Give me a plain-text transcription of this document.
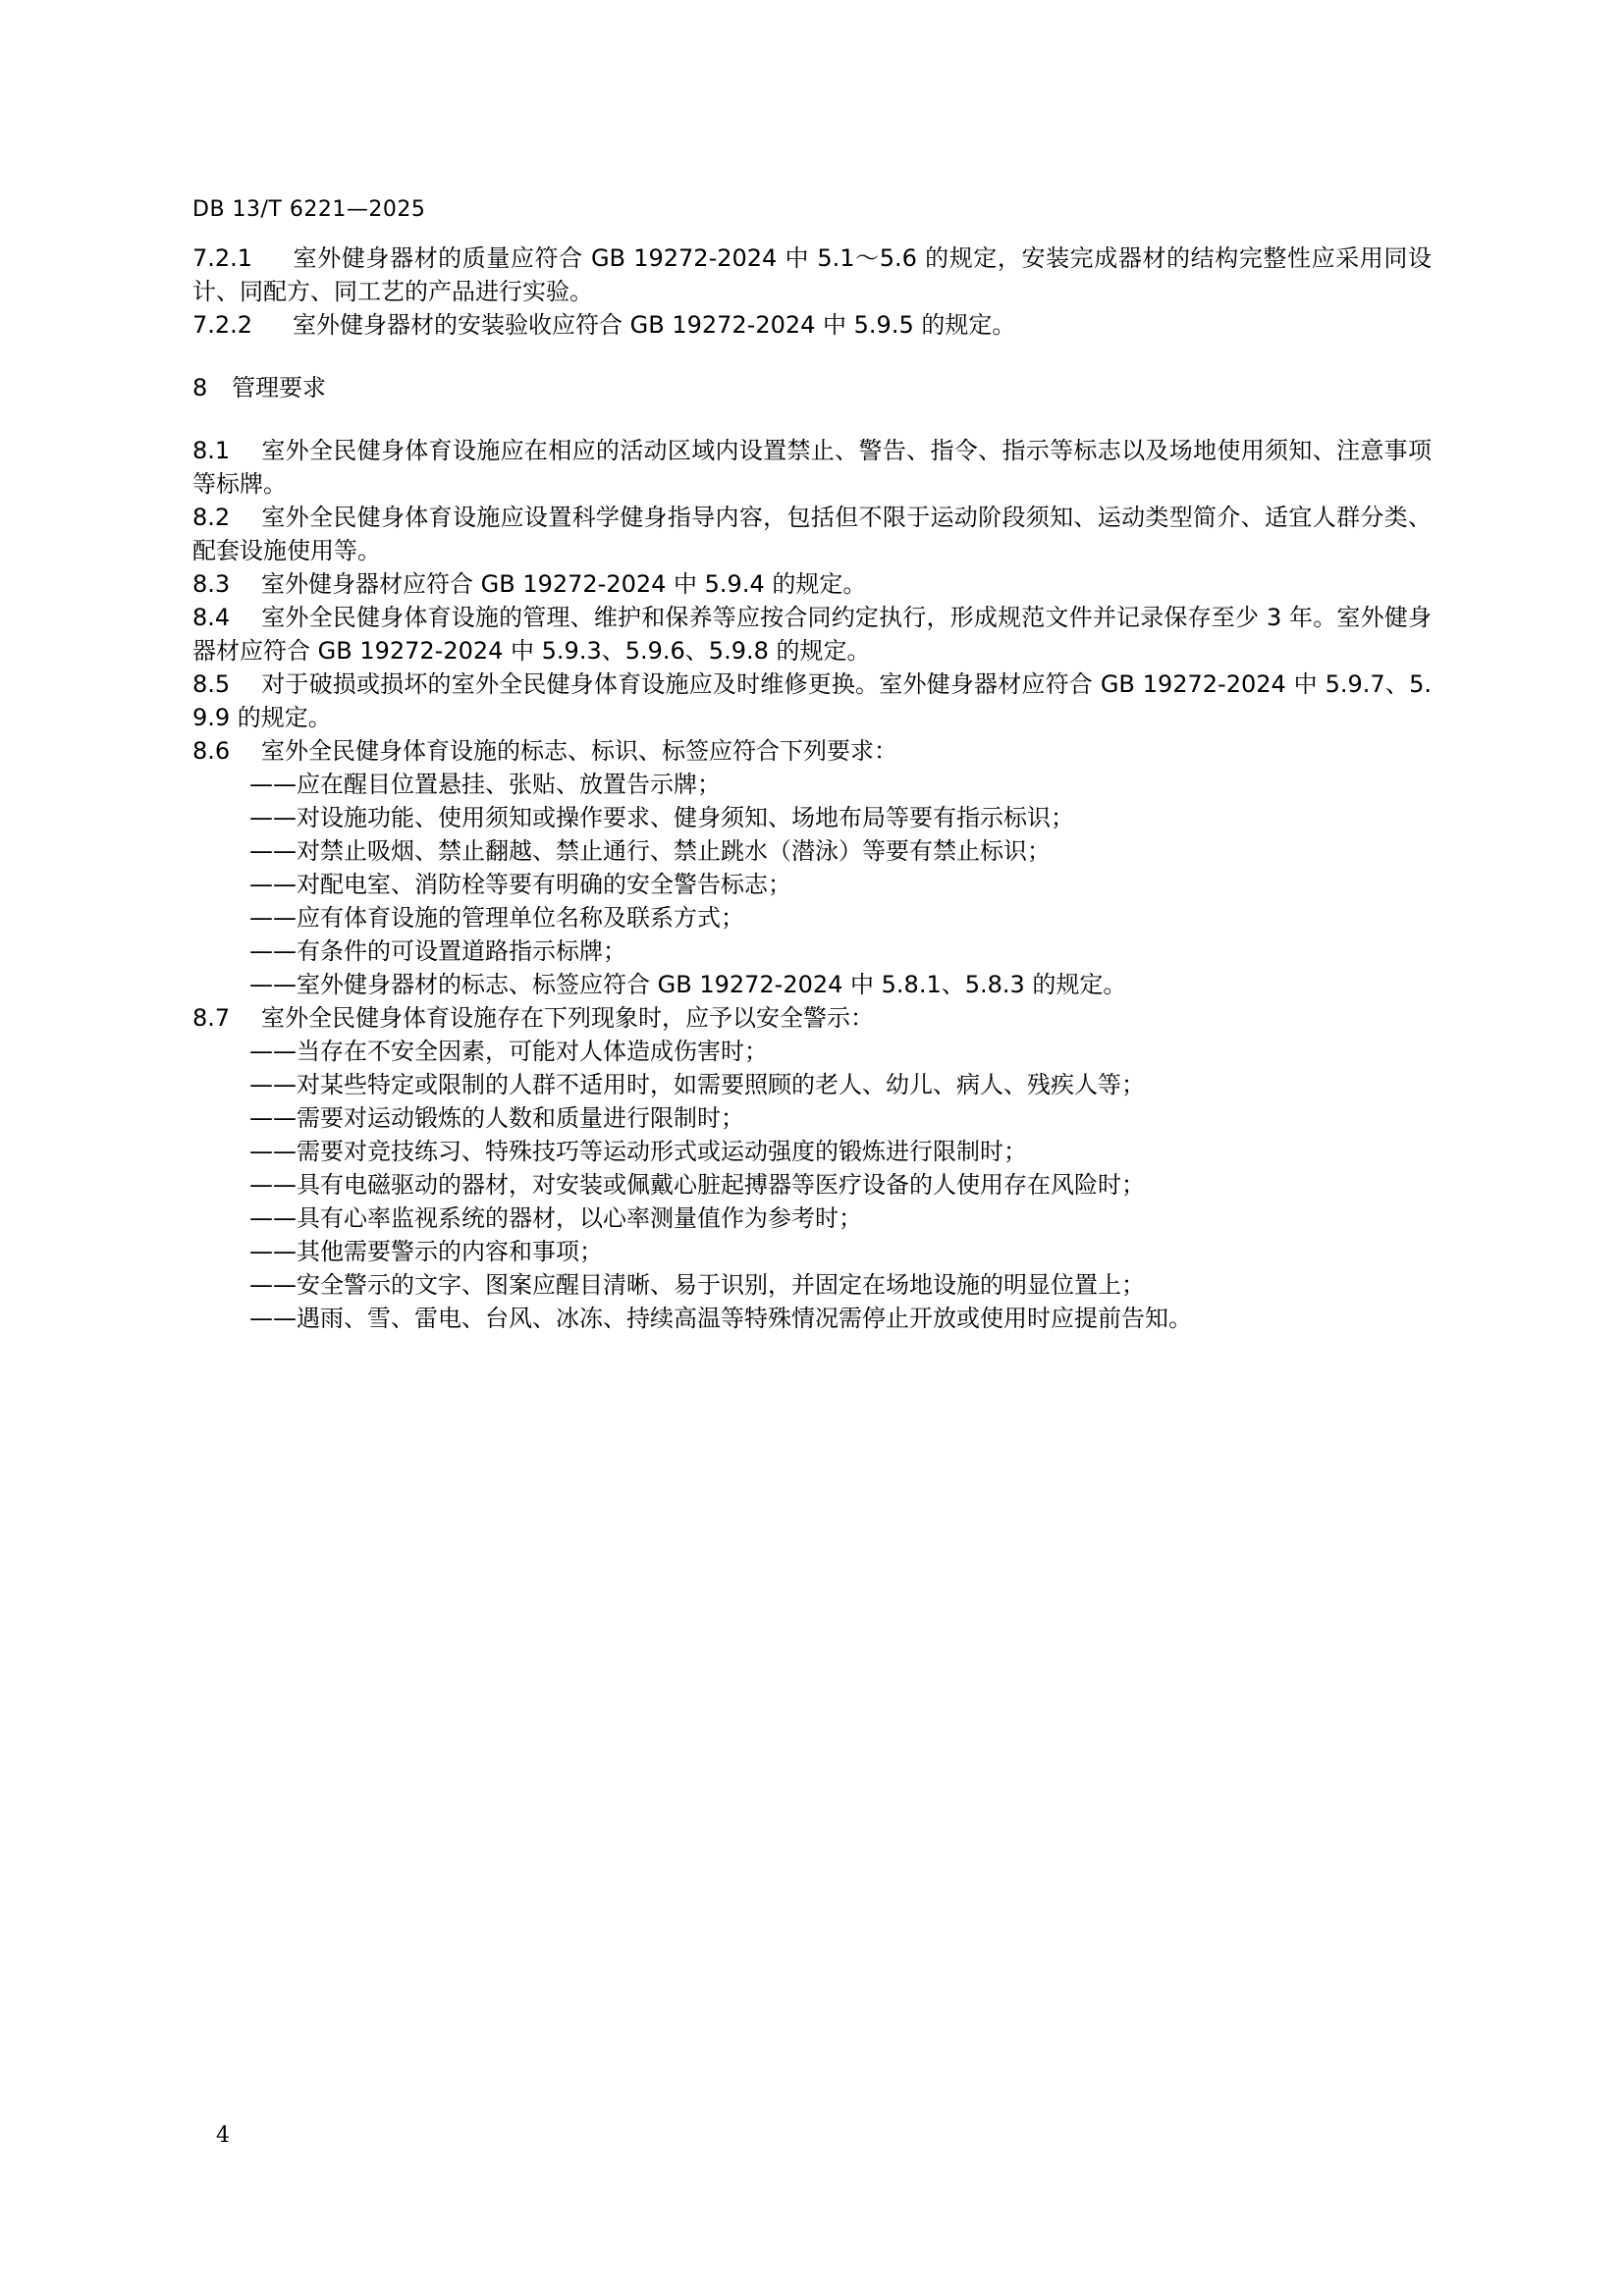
DB 13/T 6221—2025

7.2.1 室外健身器材的质量应符合 GB 19272-2024 中 5.1～5.6 的规定，安装完成器材的结构完整性应采用同设计、同配方、同工艺的产品进行实验。

7.2.2 室外健身器材的安装验收应符合 GB 19272-2024 中 5.9.5 的规定。

8 管理要求

8.1 室外全民健身体育设施应在相应的活动区域内设置禁止、警告、指令、指示等标志以及场地使用须知、注意事项等标牌。

8.2 室外全民健身体育设施应设置科学健身指导内容，包括但不限于运动阶段须知、运动类型简介、适宜人群分类、配套设施使用等。

8.3 室外健身器材应符合 GB 19272-2024 中 5.9.4 的规定。

8.4 室外全民健身体育设施的管理、维护和保养等应按合同约定执行，形成规范文件并记录保存至少 3 年。室外健身器材应符合 GB 19272-2024 中 5.9.3、5.9.6、5.9.8 的规定。

8.5 对于破损或损坏的室外全民健身体育设施应及时维修更换。室外健身器材应符合 GB 19272-2024 中 5.9.7、5.9.9 的规定。

8.6 室外全民健身体育设施的标志、标识、标签应符合下列要求：

——应在醒目位置悬挂、张贴、放置告示牌；

——对设施功能、使用须知或操作要求、健身须知、场地布局等要有指示标识；

——对禁止吸烟、禁止翻越、禁止通行、禁止跳水（潜泳）等要有禁止标识；

——对配电室、消防栓等要有明确的安全警告标志；

——应有体育设施的管理单位名称及联系方式；

——有条件的可设置道路指示标牌；

——室外健身器材的标志、标签应符合 GB 19272-2024 中 5.8.1、5.8.3 的规定。

8.7 室外全民健身体育设施存在下列现象时，应予以安全警示：

——当存在不安全因素，可能对人体造成伤害时；

——对某些特定或限制的人群不适用时，如需要照顾的老人、幼儿、病人、残疾人等；

——需要对运动锻炼的人数和质量进行限制时；

——需要对竞技练习、特殊技巧等运动形式或运动强度的锻炼进行限制时；

——具有电磁驱动的器材，对安装或佩戴心脏起搏器等医疗设备的人使用存在风险时；

——具有心率监视系统的器材，以心率测量值作为参考时；

——其他需要警示的内容和事项；

——安全警示的文字、图案应醒目清晰、易于识别，并固定在场地设施的明显位置上；

——遇雨、雪、雷电、台风、冰冻、持续高温等特殊情况需停止开放或使用时应提前告知。

4
